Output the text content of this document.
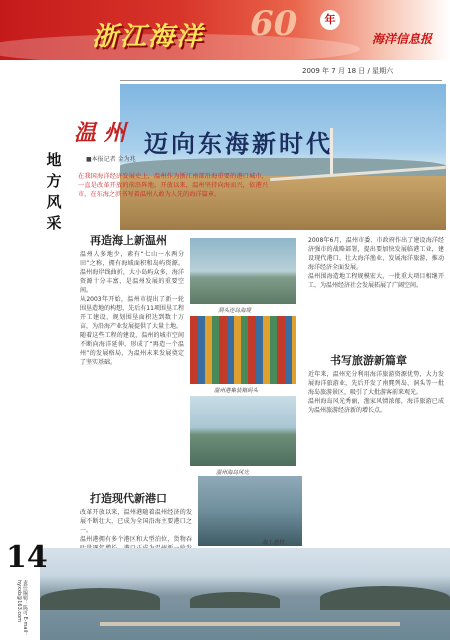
浙江海洋 60	年
海洋信息报
2009 年 7 月 18 日 / 星期六
温 州 迈向东海新时代
地方风采
■本报记者 金为兆
在我国海洋经济发展史上，温州作为浙江南部沿海重要的港口城市，一直是改革开放的前沿阵地。开放以来，温州坚持向海而兴，依港兴市，在东海之滨书写着温州人敢为人先的海洋篇章。
再造海上新温州

温州人多地少，素有“七山一水两分田”之称，拥有海域面积和岛屿资源。温州海岸线曲折，大小岛屿众多，海洋资源十分丰富，是温州发展的重要空间。

从2003年开始，温州市提出了新一轮围垦造地的构想，先后有11项围垦工程开工建设，规划围垦面积达到数十万亩，为沿海产业发展提供了大量土地。

随着这些工程的建设，温州的城市空间不断向海洋延伸，形成了“再造一个温州”的发展格局，为温州未来发展奠定了坚实基础。

洞头连岛海堤
温州港集装箱码头
温州海岛风光
海上渔村
打造现代新港口

改革开放以来，温州港随着温州经济的发展不断壮大，已成为全国沿海主要港口之一。

温州港拥有多个港区和大型泊位，货物吞

2008年6月，温州市委、市政府作出了建设海洋经济强市的战略部署，提出要加快发展临港工业，建设现代港口，壮大海洋渔业，发展海洋旅游，推动海洋经济全面发展。

温州围海造地工程规模宏大，一批重大项目相继开工，为温州经济社会发展拓展了广阔空间。

书写旅游新篇章

近年来，温州充分利用海洋旅游资源优势，大力发展海洋旅游业，先后开发了南麂列岛、洞头等一批海岛旅游景区，吸引了大批游客前来观光。

温州海岛风光秀丽，渔家风情浓郁，海洋旅游已成为温州旅游经济新的增长点。

14
责任编辑：陈可 E-mail：hyxxb@163.com
